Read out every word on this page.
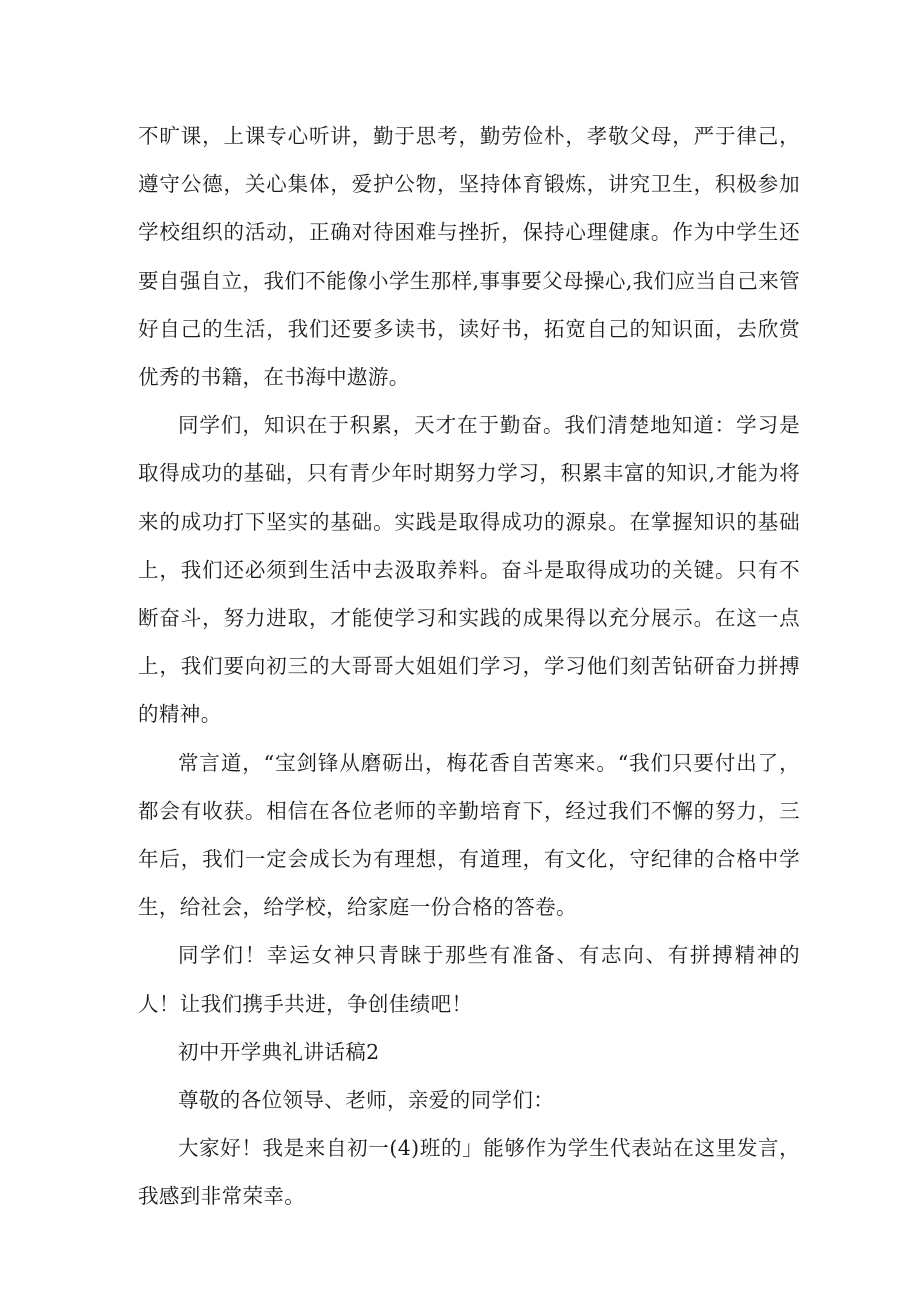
不旷课，上课专心听讲，勤于思考，勤劳俭朴，孝敬父母，严于律己，遵守公德，关心集体，爱护公物，坚持体育锻炼，讲究卫生，积极参加学校组织的活动，正确对待困难与挫折，保持心理健康。作为中学生还要自强自立，我们不能像小学生那样,事事要父母操心,我们应当自己来管好自己的生活，我们还要多读书，读好书，拓宽自己的知识面，去欣赏优秀的书籍，在书海中遨游。

同学们，知识在于积累，天才在于勤奋。我们清楚地知道：学习是取得成功的基础，只有青少年时期努力学习，积累丰富的知识,才能为将来的成功打下坚实的基础。实践是取得成功的源泉。在掌握知识的基础上，我们还必须到生活中去汲取养料。奋斗是取得成功的关键。只有不断奋斗，努力进取，才能使学习和实践的成果得以充分展示。在这一点上，我们要向初三的大哥哥大姐姐们学习，学习他们刻苦钻研奋力拼搏的精神。

常言道，“宝剑锋从磨砺出，梅花香自苦寒来。“我们只要付出了，都会有收获。相信在各位老师的辛勤培育下，经过我们不懈的努力，三年后，我们一定会成长为有理想，有道理，有文化，守纪律的合格中学生，给社会，给学校，给家庭一份合格的答卷。

同学们！幸运女神只青睐于那些有准备、有志向、有拼搏精神的人！让我们携手共进，争创佳绩吧！

初中开学典礼讲话稿2

尊敬的各位领导、老师，亲爱的同学们：

大家好！我是来自初一(4)班的」能够作为学生代表站在这里发言，我感到非常荣幸。
